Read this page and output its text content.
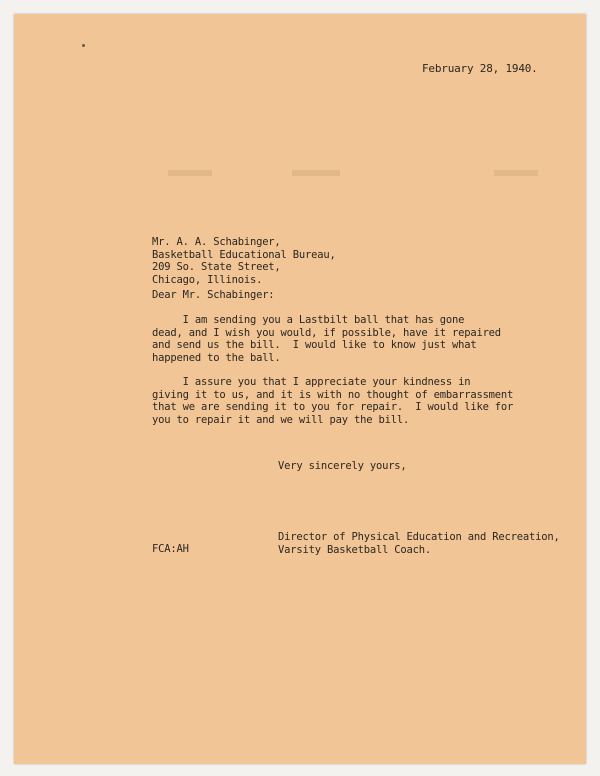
February 28, 1940.
Mr. A. A. Schabinger,
Basketball Educational Bureau,
209 So. State Street,
Chicago, Illinois.
Dear Mr. Schabinger:
I am sending you a Lastbilt ball that has gone
dead, and I wish you would, if possible, have it repaired
and send us the bill.  I would like to know just what
happened to the ball.
I assure you that I appreciate your kindness in
giving it to us, and it is with no thought of embarrassment
that we are sending it to you for repair.  I would like for
you to repair it and we will pay the bill.
Very sincerely yours,
Director of Physical Education and Recreation,
Varsity Basketball Coach.
FCA:AH
